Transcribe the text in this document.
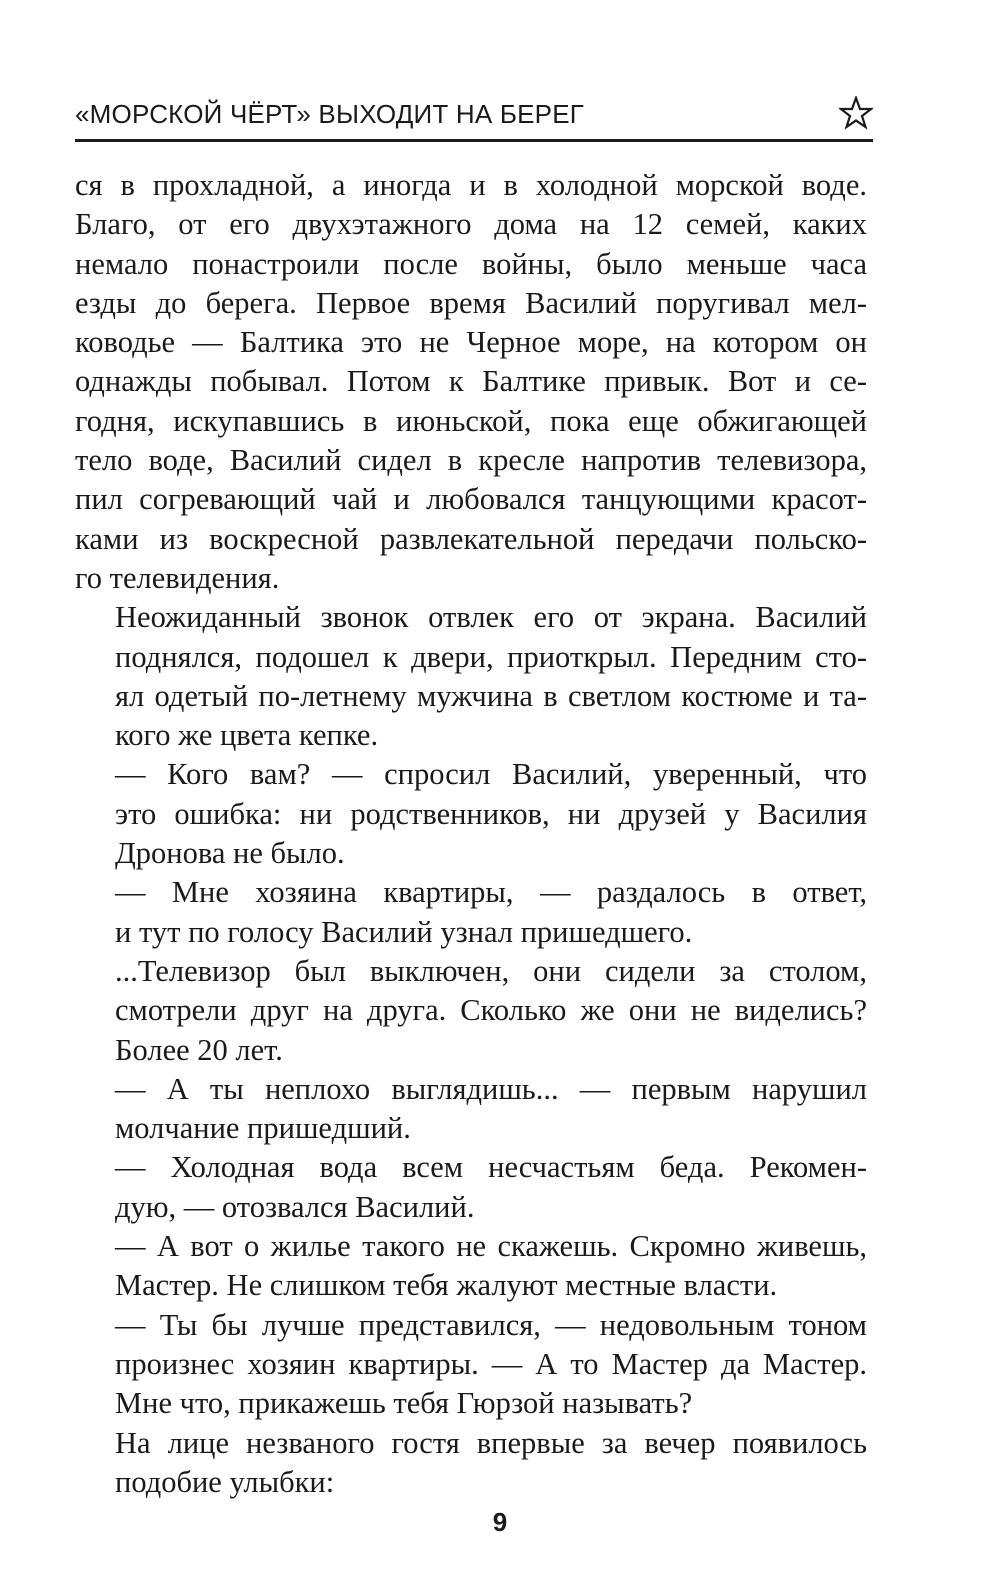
«МОРСКОЙ ЧЁРТ» ВЫХОДИТ НА БЕРЕГ

ся в прохладной, а иногда и в холодной морской воде.
Благо, от его двухэтажного дома на 12 семей, каких
немало понастроили после войны, было меньше часа
езды до берега. Первое время Василий поругивал мел-
ководье — Балтика это не Черное море, на котором он
однажды побывал. Потом к Балтике привык. Вот и се-
годня, искупавшись в июньской, пока еще обжигающей
тело воде, Василий сидел в кресле напротив телевизора,
пил согревающий чай и любовался танцующими красот-
ками из воскресной развлекательной передачи польско-
го телевидения.

Неожиданный звонок отвлек его от экрана. Василий
поднялся, подошел к двери, приоткрыл. Передним сто-
ял одетый по-летнему мужчина в светлом костюме и та-
кого же цвета кепке.

— Кого вам? — спросил Василий, уверенный, что
это ошибка: ни родственников, ни друзей у Василия
Дронова не было.

— Мне хозяина квартиры, — раздалось в ответ,
и тут по голосу Василий узнал пришедшего.

...Телевизор был выключен, они сидели за столом,
смотрели друг на друга. Сколько же они не виделись?
Более 20 лет.

— А ты неплохо выглядишь... — первым нарушил
молчание пришедший.

— Холодная вода всем несчастьям беда. Рекомен-
дую, — отозвался Василий.

— А вот о жилье такого не скажешь. Скромно живешь,
Мастер. Не слишком тебя жалуют местные власти.

— Ты бы лучше представился, — недовольным тоном
произнес хозяин квартиры. — А то Мастер да Мастер.
Мне что, прикажешь тебя Гюрзой называть?

На лице незваного гостя впервые за вечер появилось
подобие улыбки:

9
